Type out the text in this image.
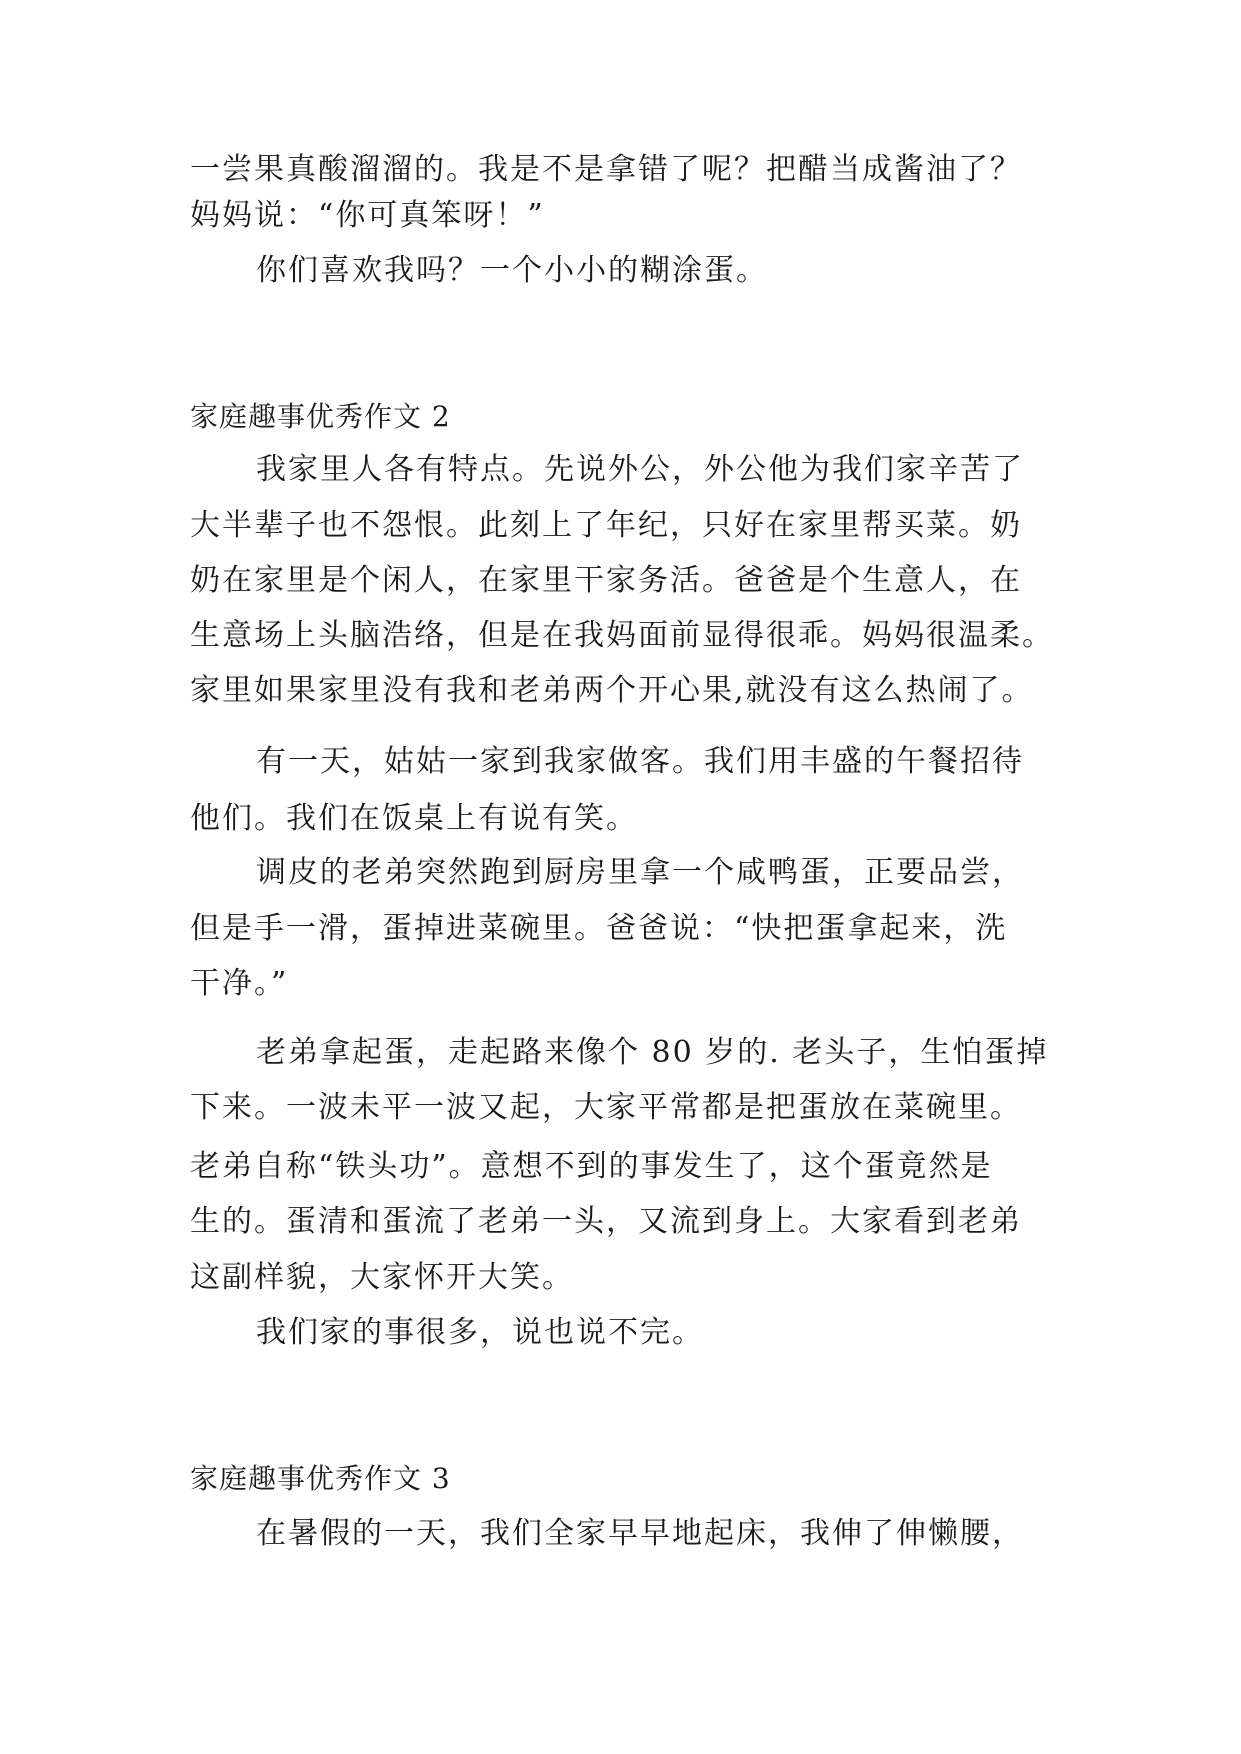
一尝果真酸溜溜的。我是不是拿错了呢？把醋当成酱油了？
妈妈说：“你可真笨呀！”
你们喜欢我吗？一个小小的糊涂蛋。
家庭趣事优秀作文 2
我家里人各有特点。先说外公，外公他为我们家辛苦了
大半辈子也不怨恨。此刻上了年纪，只好在家里帮买菜。奶
奶在家里是个闲人，在家里干家务活。爸爸是个生意人，在
生意场上头脑浩络，但是在我妈面前显得很乖。妈妈很温柔。
家里如果家里没有我和老弟两个开心果,就没有这么热闹了。
有一天，姑姑一家到我家做客。我们用丰盛的午餐招待
他们。我们在饭桌上有说有笑。
调皮的老弟突然跑到厨房里拿一个咸鸭蛋，正要品尝，
但是手一滑，蛋掉进菜碗里。爸爸说：“快把蛋拿起来，洗
干净。”
老弟拿起蛋，走起路来像个 80 岁的. 老头子，生怕蛋掉
下来。一波未平一波又起，大家平常都是把蛋放在菜碗里。
老弟自称“铁头功”。意想不到的事发生了，这个蛋竟然是
生的。蛋清和蛋流了老弟一头，又流到身上。大家看到老弟
这副样貌，大家怀开大笑。
我们家的事很多，说也说不完。
家庭趣事优秀作文 3
在暑假的一天，我们全家早早地起床，我伸了伸懒腰，
